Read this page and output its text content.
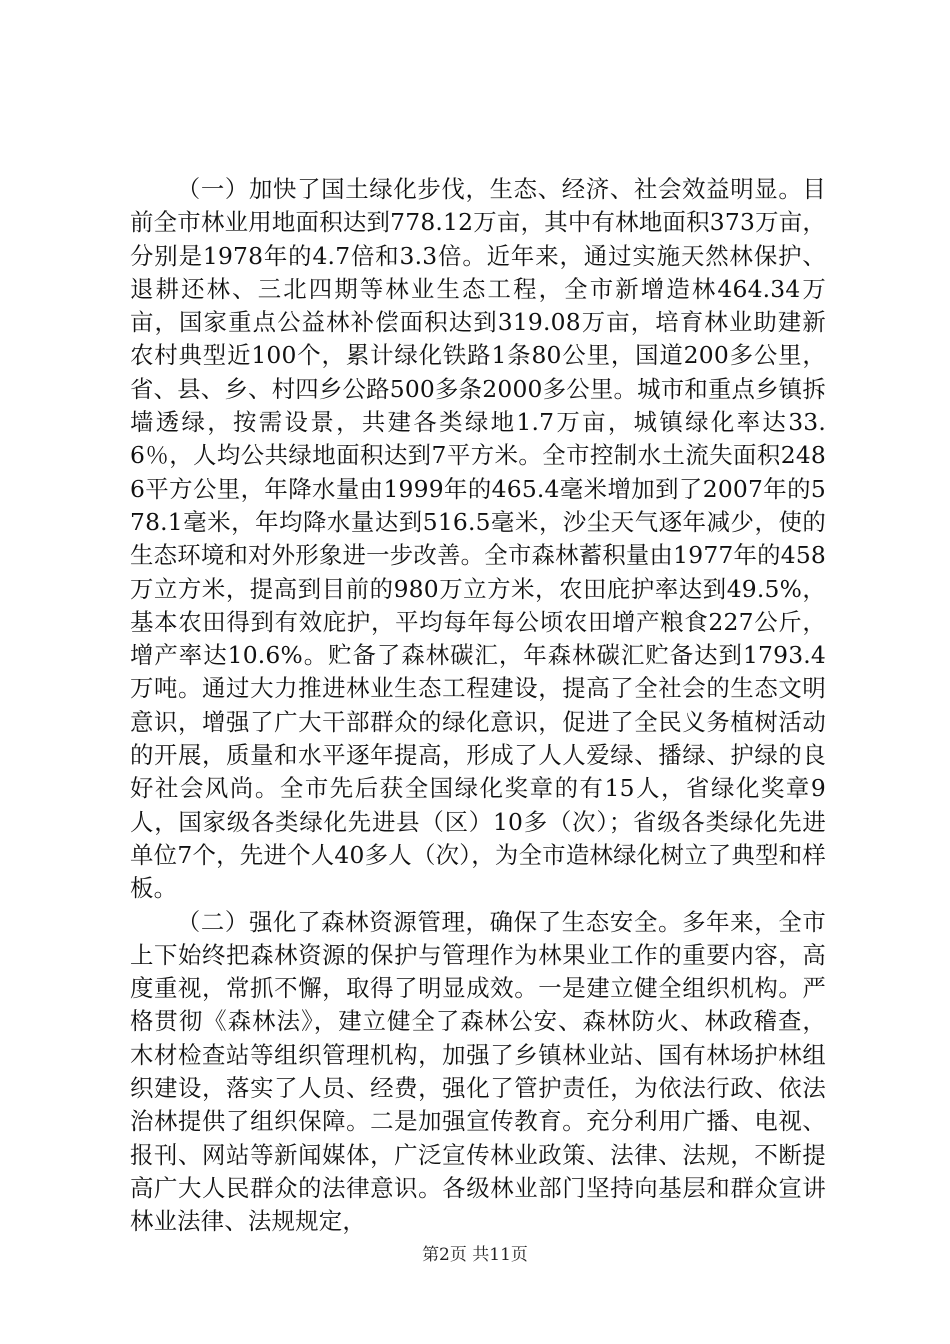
（一）加快了国土绿化步伐，生态、经济、社会效益明显。目前全市林业用地面积达到778.12万亩，其中有林地面积373万亩，分别是1978年的4.7倍和3.3倍。近年来，通过实施天然林保护、退耕还林、三北四期等林业生态工程，全市新增造林464.34万亩，国家重点公益林补偿面积达到319.08万亩，培育林业助建新农村典型近100个，累计绿化铁路1条80公里，国道200多公里，省、县、乡、村四乡公路500多条2000多公里。城市和重点乡镇拆墙透绿，按需设景，共建各类绿地1.7万亩，城镇绿化率达33.6％，人均公共绿地面积达到7平方米。全市控制水土流失面积2486平方公里，年降水量由1999年的465.4毫米增加到了2007年的578.1毫米，年均降水量达到516.5毫米，沙尘天气逐年减少，使的生态环境和对外形象进一步改善。全市森林蓄积量由1977年的458万立方米，提高到目前的980万立方米，农田庇护率达到49.5%，基本农田得到有效庇护，平均每年每公顷农田增产粮食227公斤，增产率达10.6%。贮备了森林碳汇，年森林碳汇贮备达到1793.4万吨。通过大力推进林业生态工程建设，提高了全社会的生态文明意识，增强了广大干部群众的绿化意识，促进了全民义务植树活动的开展，质量和水平逐年提高，形成了人人爱绿、播绿、护绿的良好社会风尚。全市先后获全国绿化奖章的有15人，省绿化奖章9人，国家级各类绿化先进县（区）10多（次）；省级各类绿化先进单位7个，先进个人40多人（次），为全市造林绿化树立了典型和样板。

（二）强化了森林资源管理，确保了生态安全。多年来，全市上下始终把森林资源的保护与管理作为林果业工作的重要内容，高度重视，常抓不懈，取得了明显成效。一是建立健全组织机构。严格贯彻《森林法》，建立健全了森林公安、森林防火、林政稽查，木材检查站等组织管理机构，加强了乡镇林业站、国有林场护林组织建设，落实了人员、经费，强化了管护责任，为依法行政、依法治林提供了组织保障。二是加强宣传教育。充分利用广播、电视、报刊、网站等新闻媒体，广泛宣传林业政策、法律、法规，不断提高广大人民群众的法律意识。各级林业部门坚持向基层和群众宣讲林业法律、法规规定，

第2页 共11页
